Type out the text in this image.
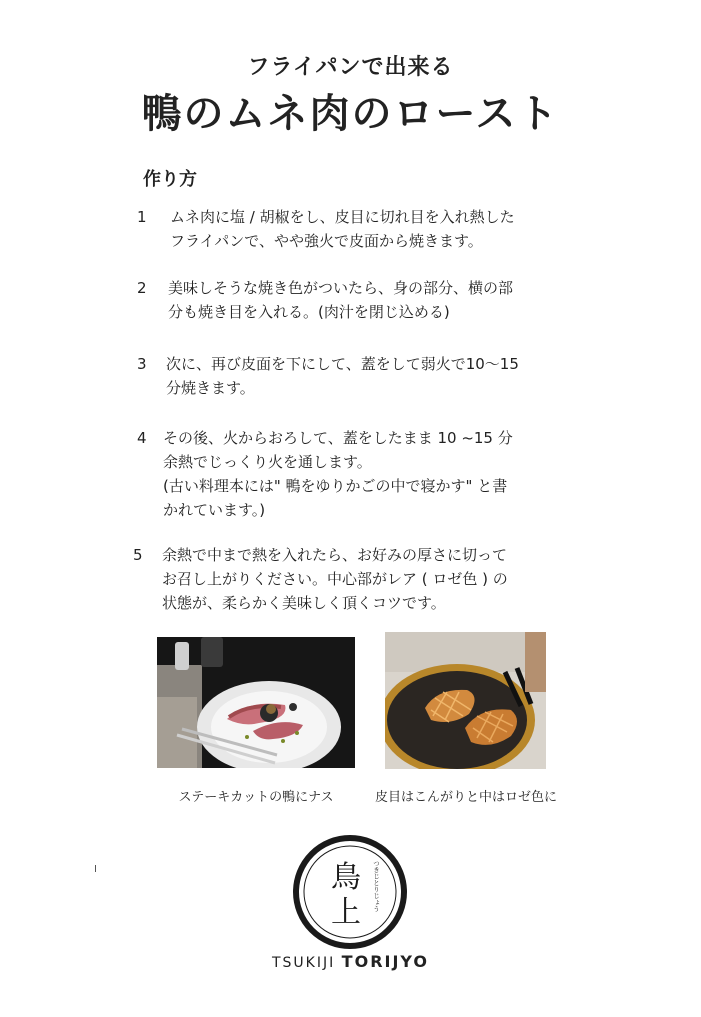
フライパンで出来る
鴨のムネ肉のロースト
作り方
1 ムネ肉に塩 / 胡椒をし、皮目に切れ目を入れ熱した
フライパンで、やや強火で皮面から焼きます。
2 美味しそうな焼き色がついたら、身の部分、横の部
分も焼き目を入れる。(肉汁を閉じ込める)
3 次に、再び皮面を下にして、蓋をして弱火で10～15
分焼きます。
4 その後、火からおろして、蓋をしたまま 10 ~15 分
余熱でじっくり火を通します。
(古い料理本には" 鴨をゆりかごの中で寝かす" と書
かれています。)
5 余熱で中まで熱を入れたら、お好みの厚さに切って
お召し上がりください。中心部がレア ( ロゼ色 ) の
状態が、柔らかく美味しく頂くコツです。
ステーキカットの鴨にナス	皮目はこんがりと中はロゼ色に
鳥
上
つきじとりじょう
TSUKIJI TORIJYO
